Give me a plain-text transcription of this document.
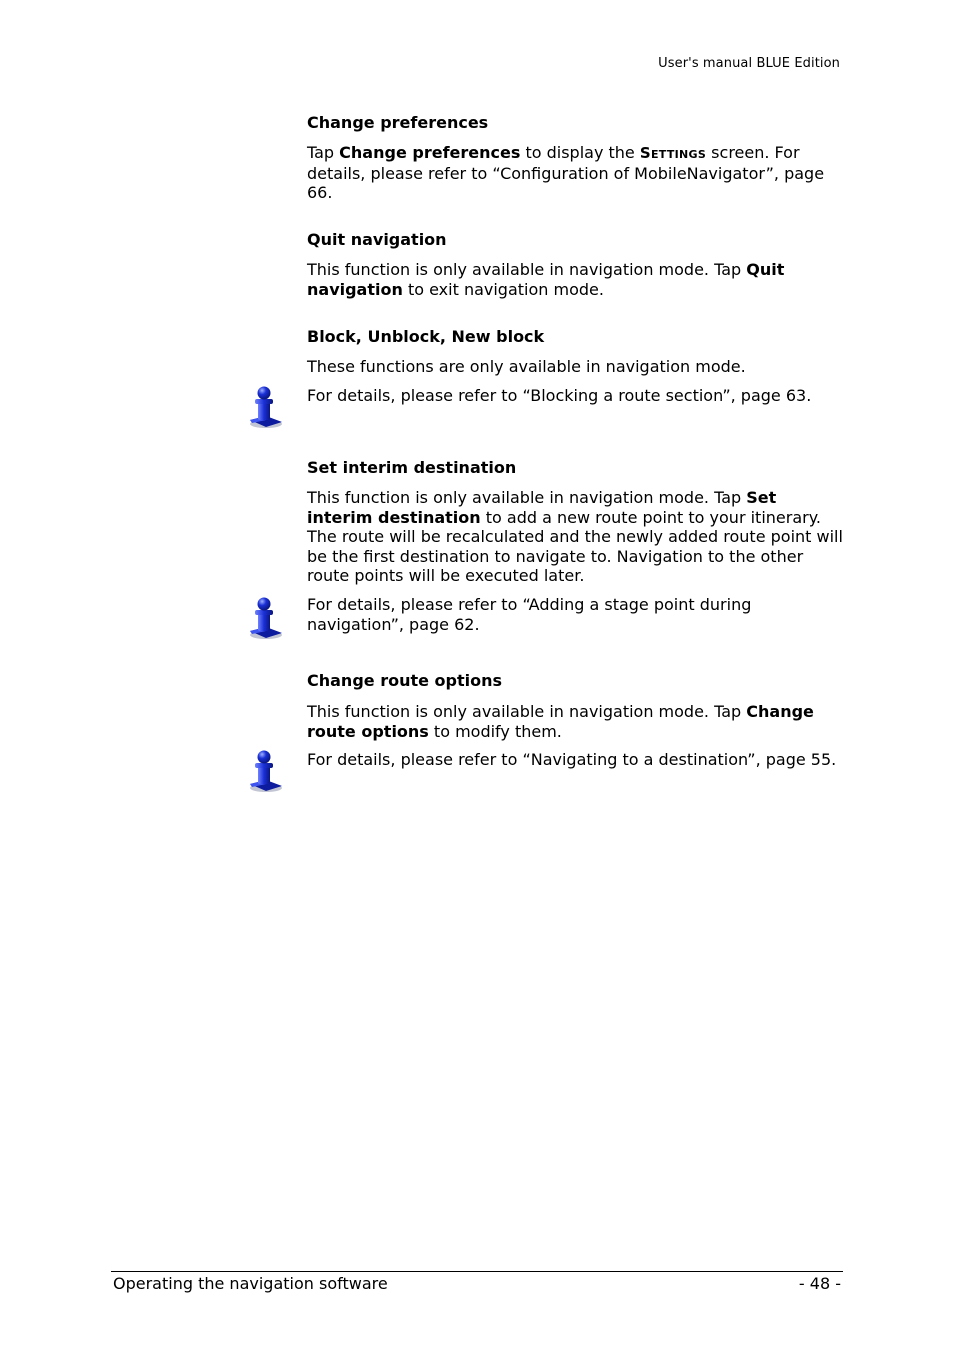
User's manual BLUE Edition
Change preferences
Tap Change preferences to display the Settings screen. For details, please refer to “Configuration of MobileNavigator”, page 66.
Quit navigation
This function is only available in navigation mode. Tap Quit navigation to exit navigation mode.
Block, Unblock, New block
These functions are only available in navigation mode.
For details, please refer to “Blocking a route section”, page 63.
Set interim destination
This function is only available in navigation mode. Tap Set interim destination to add a new route point to your itinerary. The route will be recalculated and the newly added route point will be the first destination to navigate to. Navigation to the other route points will be executed later.
For details, please refer to “Adding a stage point during navigation”, page 62.
Change route options
This function is only available in navigation mode. Tap Change route options to modify them.
For details, please refer to “Navigating to a destination”, page 55.
Operating the navigation software	- 48 -
